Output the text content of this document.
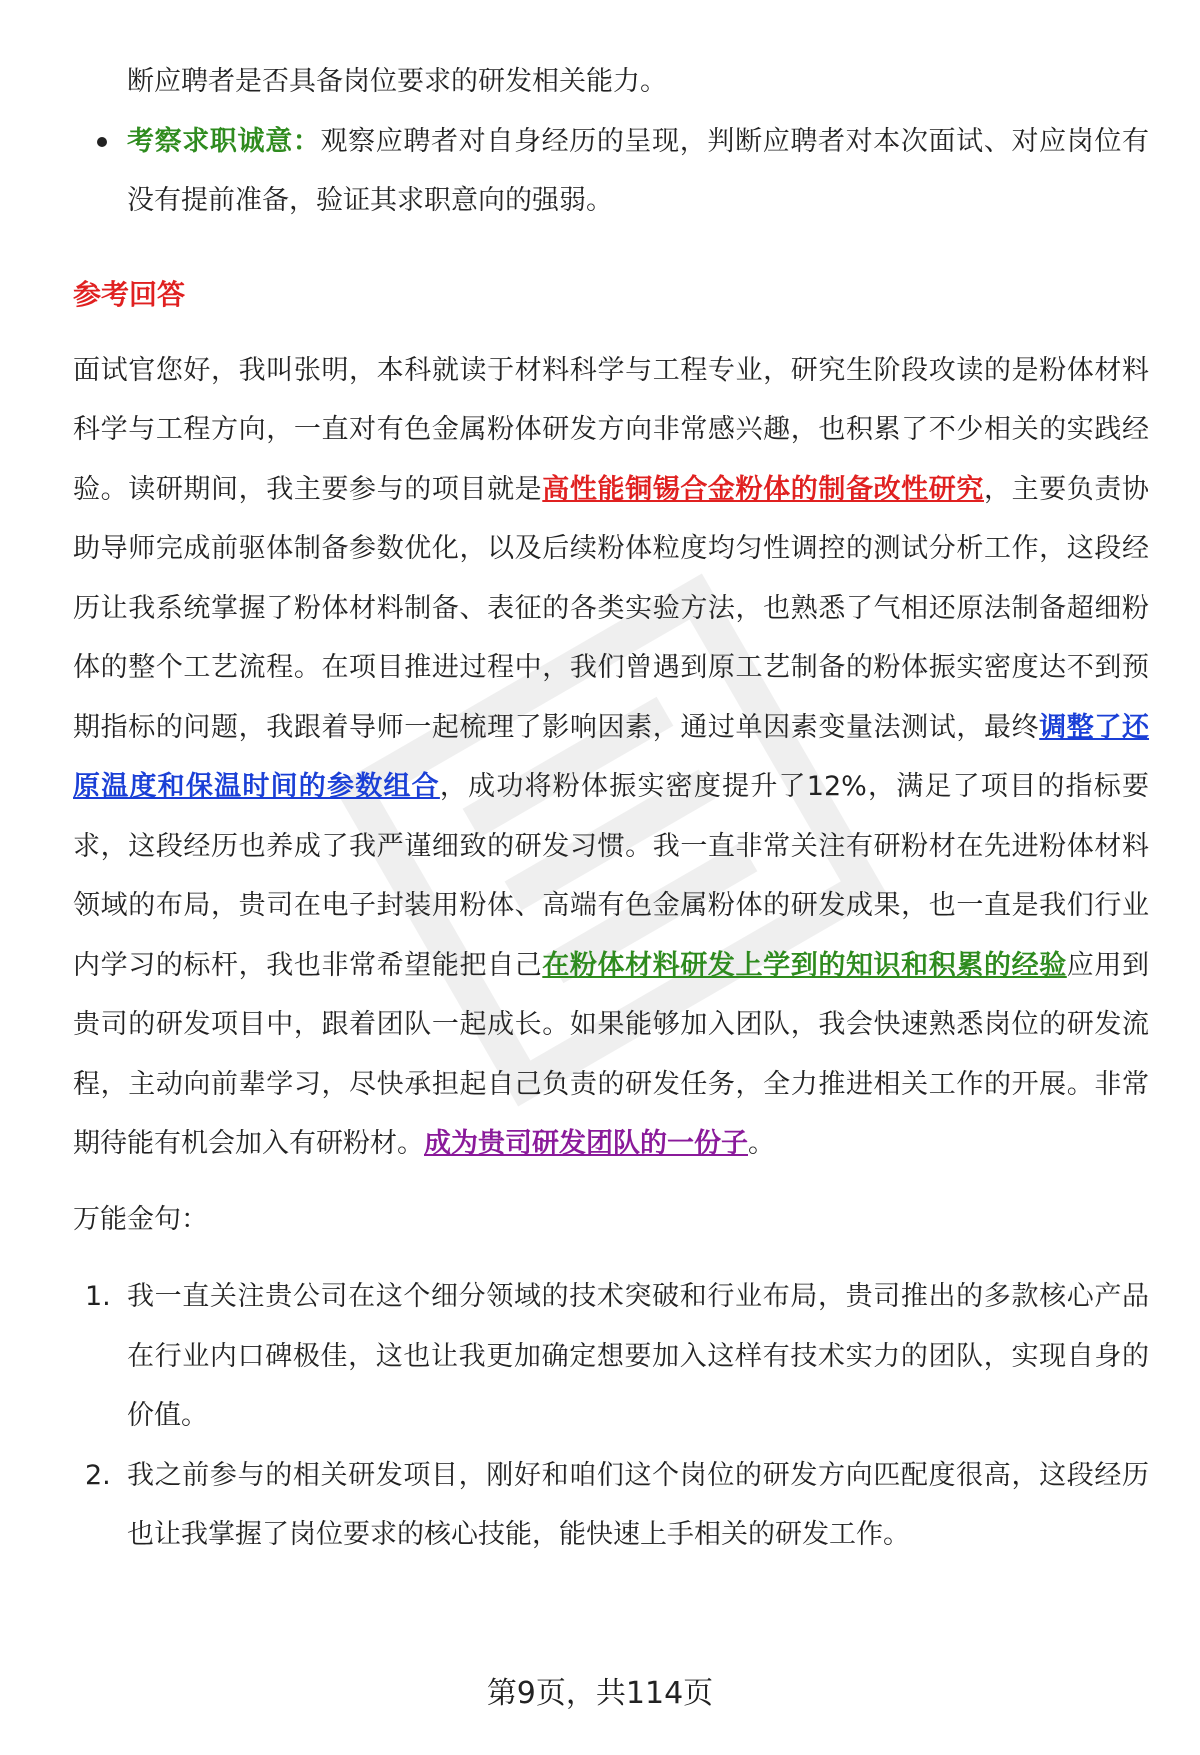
断应聘者是否具备岗位要求的研发相关能力。

考察求职诚意：观察应聘者对自身经历的呈现，判断应聘者对本次面试、对应岗位有没有提前准备，验证其求职意向的强弱。

参考回答

面试官您好，我叫张明，本科就读于材料科学与工程专业，研究生阶段攻读的是粉体材料科学与工程方向，一直对有色金属粉体研发方向非常感兴趣，也积累了不少相关的实践经验。读研期间，我主要参与的项目就是高性能铜锡合金粉体的制备改性研究，主要负责协助导师完成前驱体制备参数优化，以及后续粉体粒度均匀性调控的测试分析工作，这段经历让我系统掌握了粉体材料制备、表征的各类实验方法，也熟悉了气相还原法制备超细粉体的整个工艺流程。在项目推进过程中，我们曾遇到原工艺制备的粉体振实密度达不到预期指标的问题，我跟着导师一起梳理了影响因素，通过单因素变量法测试，最终调整了还原温度和保温时间的参数组合，成功将粉体振实密度提升了12%，满足了项目的指标要求，这段经历也养成了我严谨细致的研发习惯。我一直非常关注有研粉材在先进粉体材料领域的布局，贵司在电子封装用粉体、高端有色金属粉体的研发成果，也一直是我们行业内学习的标杆，我也非常希望能把自己在粉体材料研发上学到的知识和积累的经验应用到贵司的研发项目中，跟着团队一起成长。如果能够加入团队，我会快速熟悉岗位的研发流程，主动向前辈学习，尽快承担起自己负责的研发任务，全力推进相关工作的开展。非常期待能有机会加入有研粉材。成为贵司研发团队的一份子。

万能金句：

1. 我一直关注贵公司在这个细分领域的技术突破和行业布局，贵司推出的多款核心产品在行业内口碑极佳，这也让我更加确定想要加入这样有技术实力的团队，实现自身的价值。

2. 我之前参与的相关研发项目，刚好和咱们这个岗位的研发方向匹配度很高，这段经历也让我掌握了岗位要求的核心技能，能快速上手相关的研发工作。

第9页，共114页
